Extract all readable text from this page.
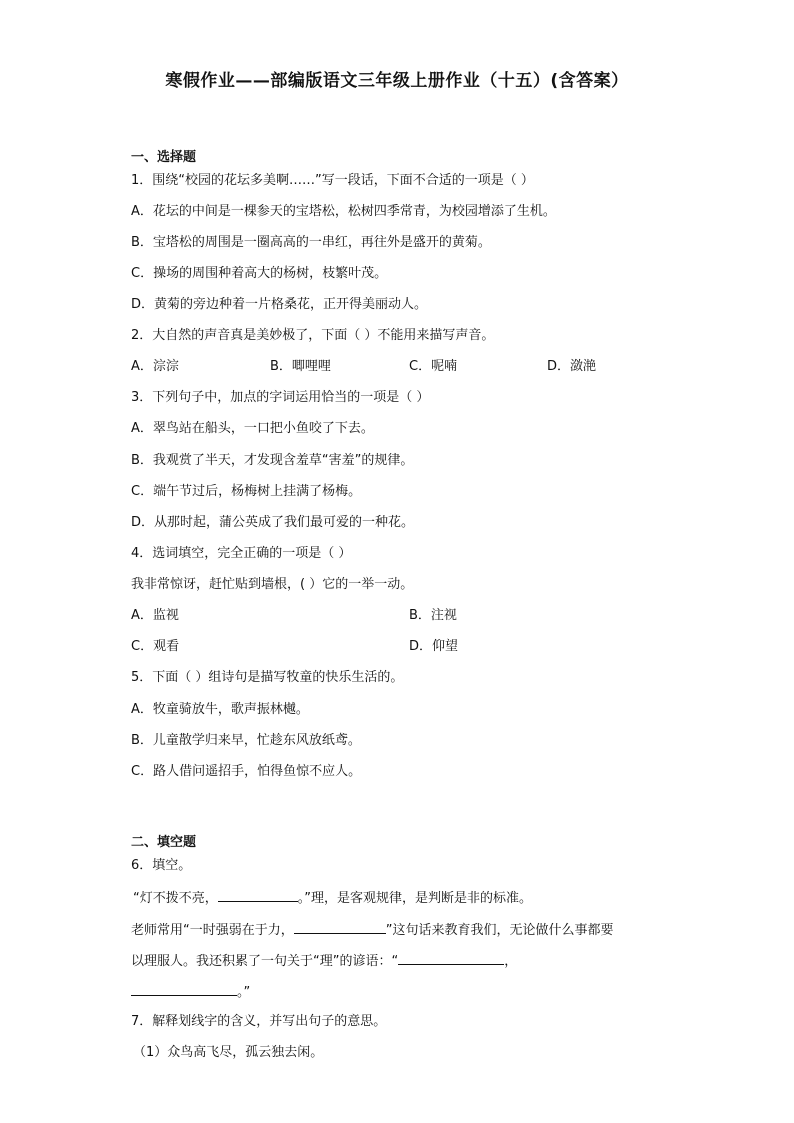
寒假作业——部编版语文三年级上册作业（十五）(含答案）
一、选择题
1．围绕“校园的花坛多美啊……”写一段话，下面不合适的一项是（ ）
A．花坛的中间是一棵参天的宝塔松，松树四季常青，为校园增添了生机。
B．宝塔松的周围是一圈高高的一串红，再往外是盛开的黄菊。
C．操场的周围种着高大的杨树，枝繁叶茂。
D．黄菊的旁边种着一片格桑花，正开得美丽动人。
2．大自然的声音真是美妙极了，下面（ ）不能用来描写声音。
A．淙淙	B．唧哩哩	C．呢喃	D．潋滟
3．下列句子中，加点的字词运用恰当的一项是（ ）
A．翠鸟站在船头，一口把小鱼咬了下去。
B．我观赏了半天，才发现含羞草“害羞”的规律。
C．端午节过后，杨梅树上挂满了杨梅。
D．从那时起，蒲公英成了我们最可爱的一种花。
4．选词填空，完全正确的一项是（ ）
我非常惊讶，赶忙贴到墙根，( ）它的一举一动。
A．监视	B．注视
C．观看	D．仰望
5．下面（ ）组诗句是描写牧童的快乐生活的。
A．牧童骑放牛，歌声振林樾。
B．儿童散学归来早，忙趁东风放纸鸢。
C．路人借问遥招手，怕得鱼惊不应人。
二、填空题
6．填空。
“灯不拨不亮，	。”理，是客观规律，是判断是非的标准。
老师常用“一时强弱在于力，	”这句话来教育我们，无论做什么事都要
以理服人。我还积累了一句关于“理”的谚语：“	，
。”
7．解释划线字的含义，并写出句子的意思。
（1）众鸟高飞尽，孤云独去闲。
